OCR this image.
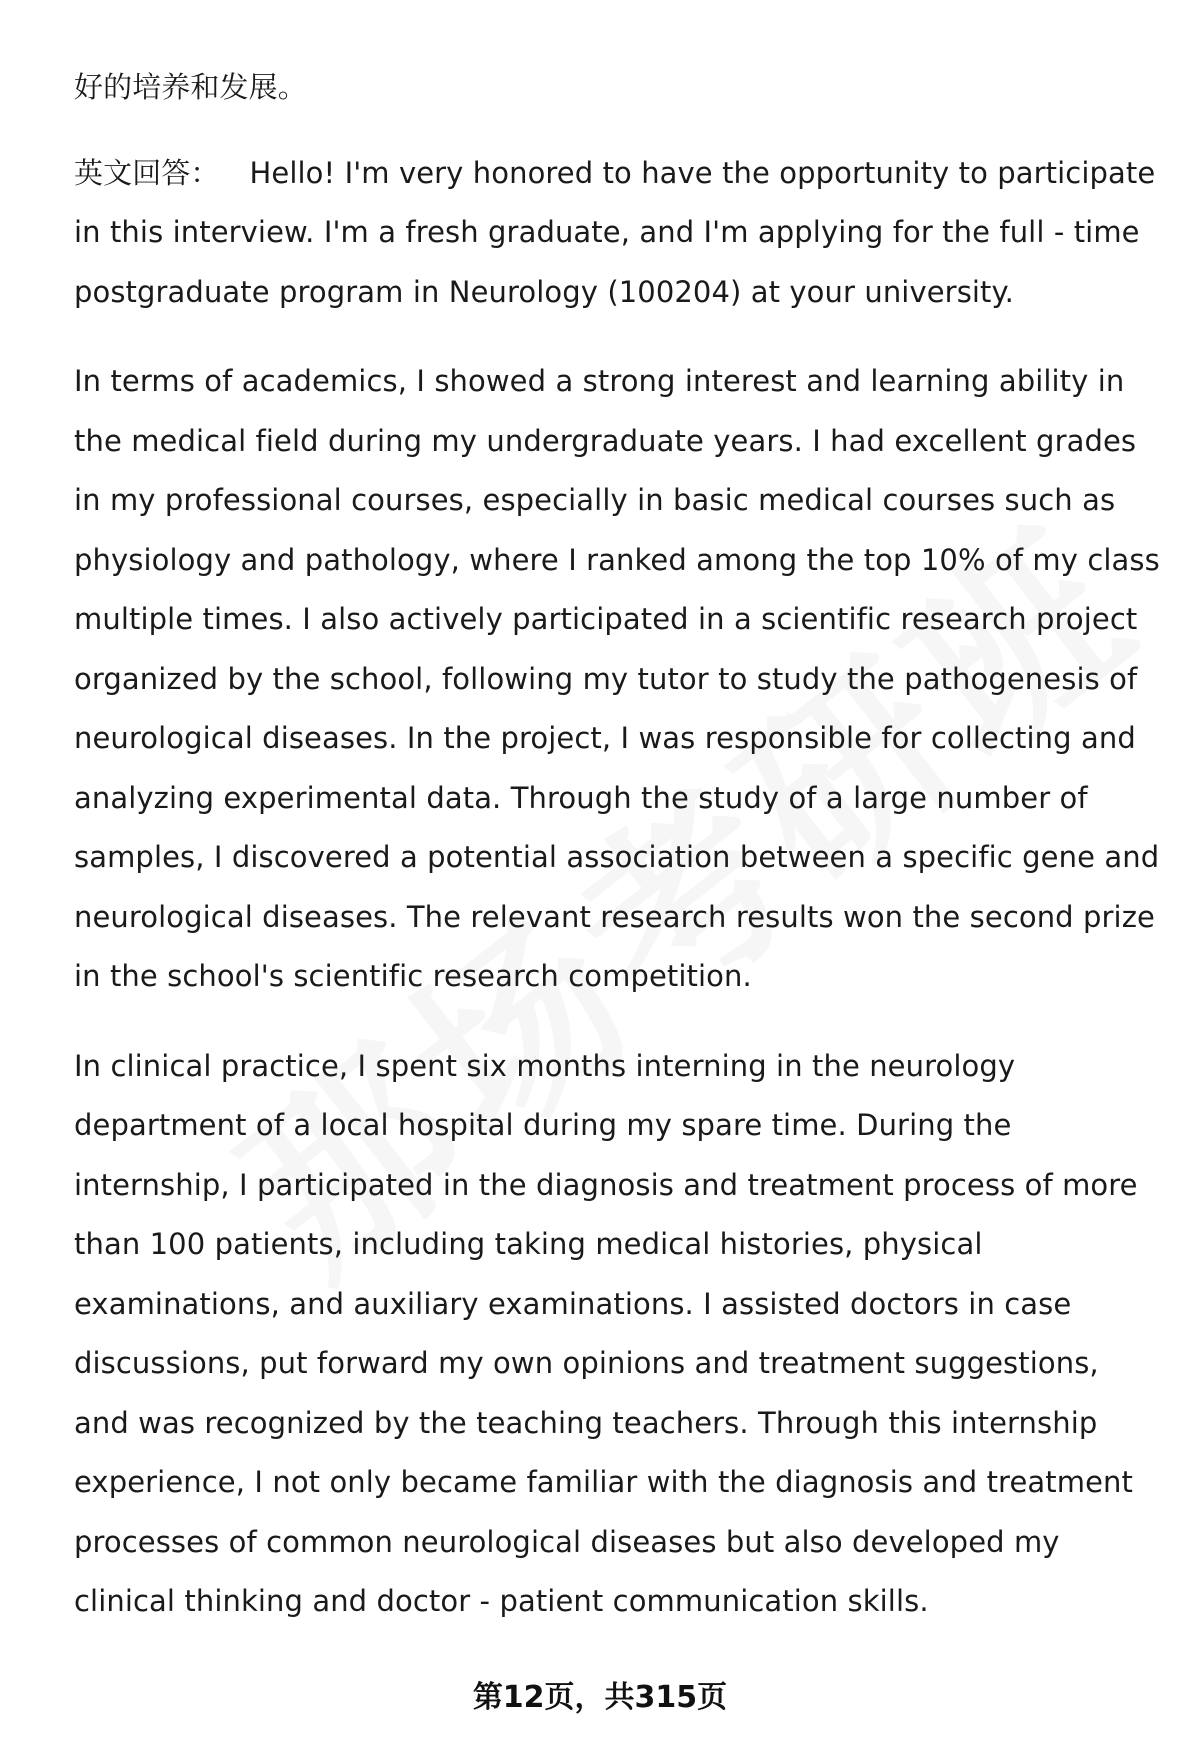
好的培养和发展。

英文回答： Hello! I'm very honored to have the opportunity to participate in this interview. I'm a fresh graduate, and I'm applying for the full - time postgraduate program in Neurology (100204) at your university.

In terms of academics, I showed a strong interest and learning ability in the medical field during my undergraduate years. I had excellent grades in my professional courses, especially in basic medical courses such as physiology and pathology, where I ranked among the top 10% of my class multiple times. I also actively participated in a scientific research project organized by the school, following my tutor to study the pathogenesis of neurological diseases. In the project, I was responsible for collecting and analyzing experimental data. Through the study of a large number of samples, I discovered a potential association between a specific gene and neurological diseases. The relevant research results won the second prize in the school's scientific research competition.

In clinical practice, I spent six months interning in the neurology department of a local hospital during my spare time. During the internship, I participated in the diagnosis and treatment process of more than 100 patients, including taking medical histories, physical examinations, and auxiliary examinations. I assisted doctors in case discussions, put forward my own opinions and treatment suggestions, and was recognized by the teaching teachers. Through this internship experience, I not only became familiar with the diagnosis and treatment processes of common neurological diseases but also developed my clinical thinking and doctor - patient communication skills.

第12页，共315页
